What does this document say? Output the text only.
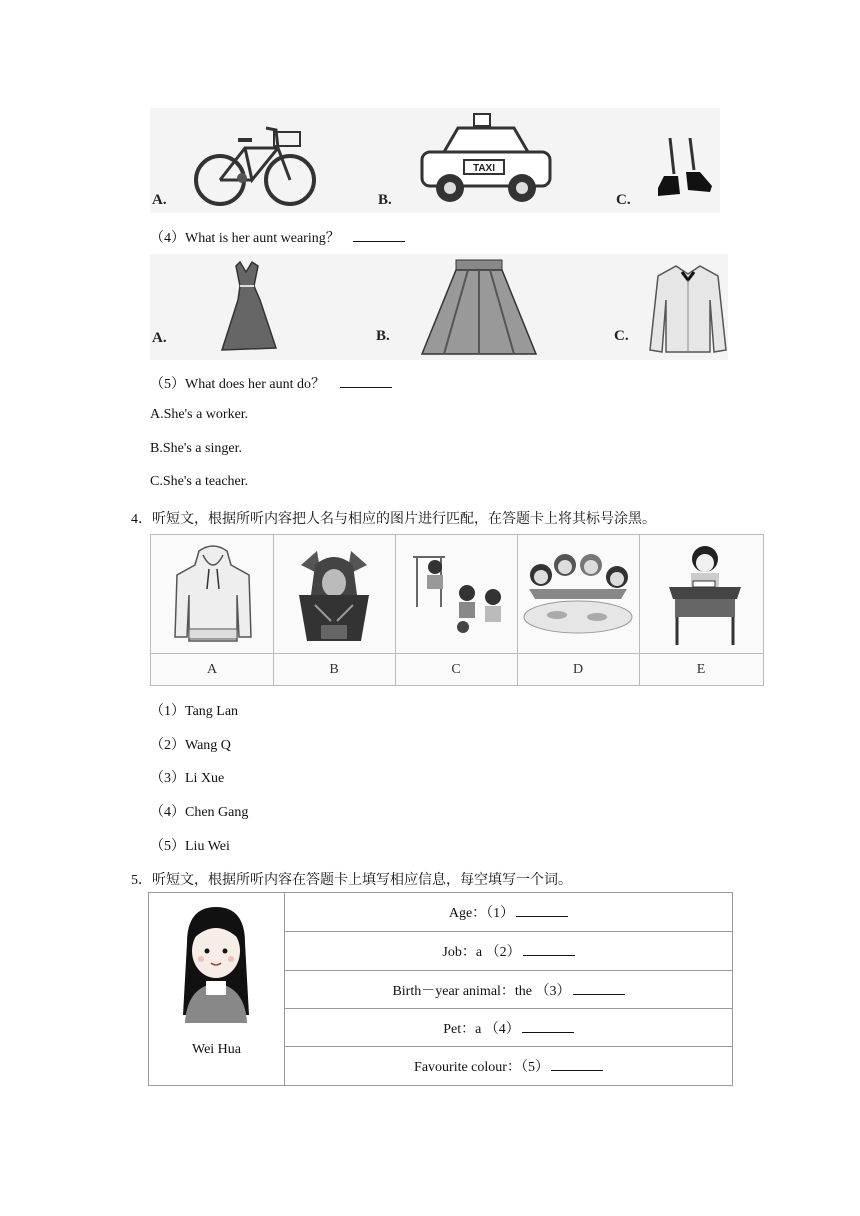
A.	B.	C.
TAXI
（4）What is her aunt wearing？
A.	B.	C.
（5）What does her aunt do？
A.She's a worker.
B.She's a singer.
C.She's a teacher.
4．听短文，根据所听内容把人名与相应的图片进行匹配，在答题卡上将其标号涂黑。
A	B	C	D	E
（1）Tang Lan
（2）Wang Q
（3）Li Xue
（4）Chen Gang
（5）Liu Wei
5．听短文，根据所听内容在答题卡上填写相应信息，每空填写一个词。
Wei Hua
	Age：（1）
Job：a （2）
Birth－year animal：the （3）
Pet：a （4）
Favourite colour：（5）
